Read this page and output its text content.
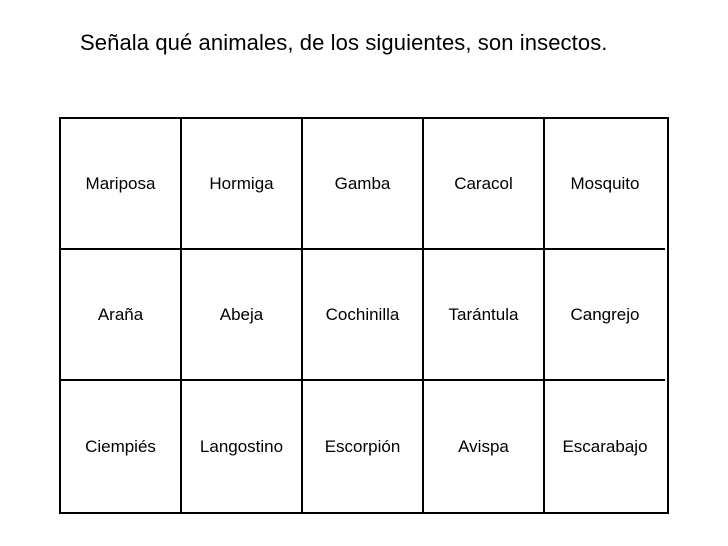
Señala qué animales, de los siguientes, son insectos.
Mariposa	Hormiga	Gamba	Caracol	Mosquito
Araña	Abeja	Cochinilla	Tarántula	Cangrejo
Ciempiés	Langostino	Escorpión	Avispa	Escarabajo
